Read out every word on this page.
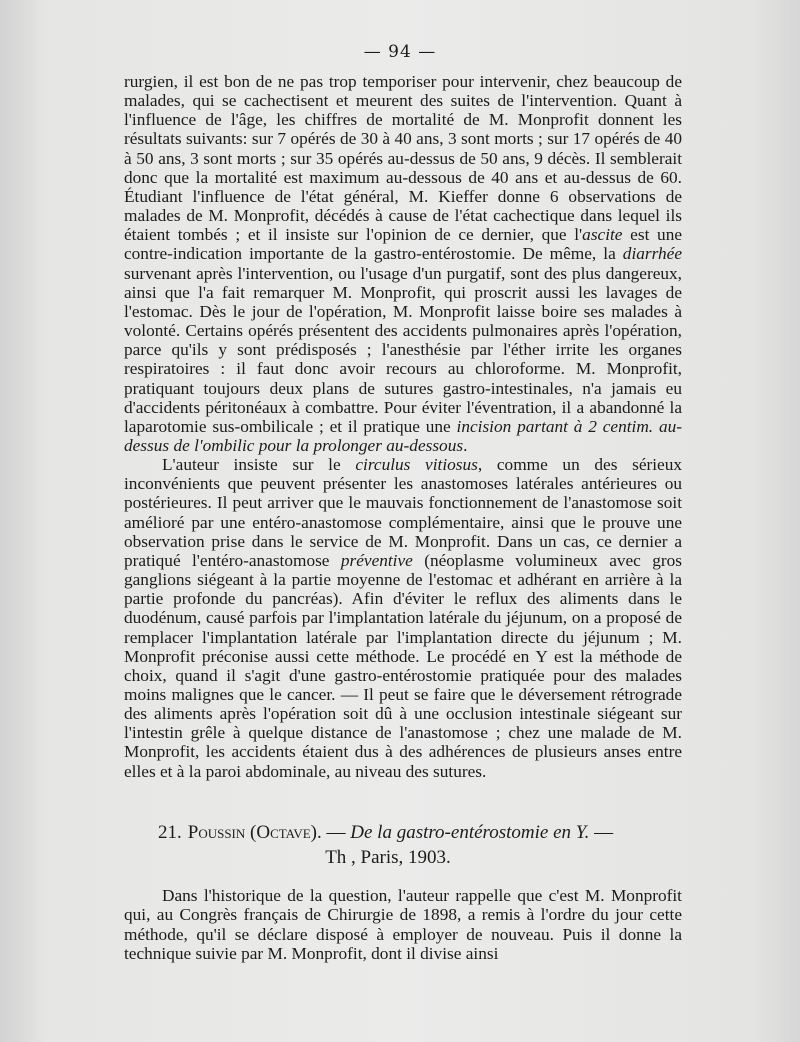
— 94 —

rurgien, il est bon de ne pas trop temporiser pour intervenir, chez beaucoup de malades, qui se cachectisent et meurent des suites de l'intervention. Quant à l'influence de l'âge, les chiffres de mortalité de M. Monprofit donnent les résultats suivants: sur 7 opérés de 30 à 40 ans, 3 sont morts ; sur 17 opérés de 40 à 50 ans, 3 sont morts ; sur 35 opérés au-dessus de 50 ans, 9 décès. Il semblerait donc que la mortalité est maximum au-dessous de 40 ans et au-dessus de 60. Étudiant l'influence de l'état général, M. Kieffer donne 6 observations de malades de M. Monprofit, décédés à cause de l'état cachectique dans lequel ils étaient tombés ; et il insiste sur l'opinion de ce dernier, que l'ascite est une contre-indication importante de la gastro-entérostomie. De même, la diarrhée survenant après l'intervention, ou l'usage d'un purgatif, sont des plus dangereux, ainsi que l'a fait remarquer M. Monprofit, qui proscrit aussi les lavages de l'estomac. Dès le jour de l'opération, M. Monprofit laisse boire ses malades à volonté. Certains opérés présentent des accidents pulmonaires après l'opération, parce qu'ils y sont prédisposés ; l'anesthésie par l'éther irrite les organes respiratoires : il faut donc avoir recours au chloroforme. M. Monprofit, pratiquant toujours deux plans de sutures gastro-intestinales, n'a jamais eu d'accidents péritonéaux à combattre. Pour éviter l'éventration, il a abandonné la laparotomie sus-ombilicale ; et il pratique une incision partant à 2 centim. au-dessus de l'ombilic pour la prolonger au-dessous.

L'auteur insiste sur le circulus vitiosus, comme un des sérieux inconvénients que peuvent présenter les anastomoses latérales antérieures ou postérieures. Il peut arriver que le mauvais fonctionnement de l'anastomose soit amélioré par une entéro-anastomose complémentaire, ainsi que le prouve une observation prise dans le service de M. Monprofit. Dans un cas, ce dernier a pratiqué l'entéro-anastomose préventive (néoplasme volumineux avec gros ganglions siégeant à la partie moyenne de l'estomac et adhérant en arrière à la partie profonde du pancréas). Afin d'éviter le reflux des aliments dans le duodénum, causé parfois par l'implantation latérale du jéjunum, on a proposé de remplacer l'implantation latérale par l'implantation directe du jéjunum ; M. Monprofit préconise aussi cette méthode. Le procédé en Y est la méthode de choix, quand il s'agit d'une gastro-entérostomie pratiquée pour des malades moins malignes que le cancer. — Il peut se faire que le déversement rétrograde des aliments après l'opération soit dû à une occlusion intestinale siégeant sur l'intestin grêle à quelque distance de l'anastomose ; chez une malade de M. Monprofit, les accidents étaient dus à des adhérences de plusieurs anses entre elles et à la paroi abdominale, au niveau des sutures.

21. Poussin (Octave). — De la gastro-entérostomie en Y. —
Th , Paris, 1903.

Dans l'historique de la question, l'auteur rappelle que c'est M. Monprofit qui, au Congrès français de Chirurgie de 1898, a remis à l'ordre du jour cette méthode, qu'il se déclare disposé à employer de nouveau. Puis il donne la technique suivie par M. Monprofit, dont il divise ainsi
